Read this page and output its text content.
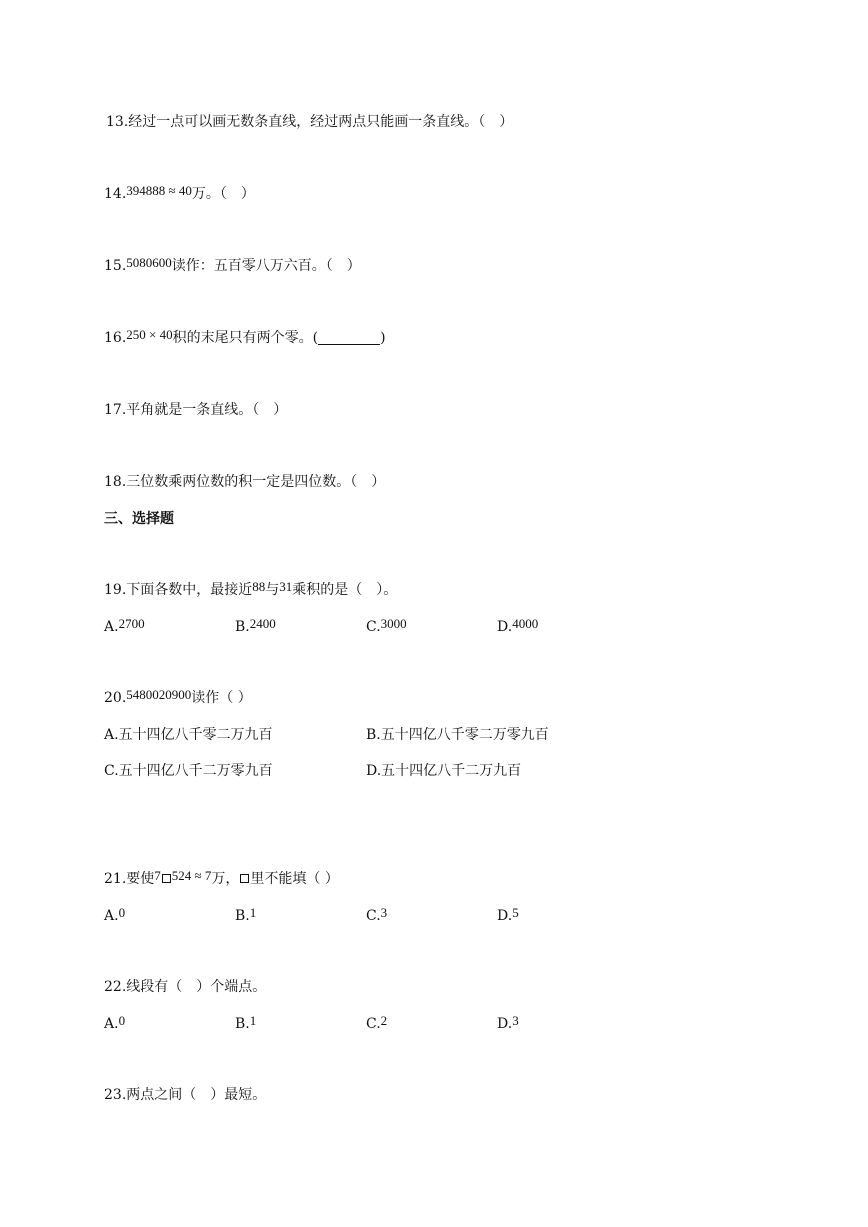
13.经过一点可以画无数条直线，经过两点只能画一条直线。（　）
14.394888 ≈ 40万。（　）
15.5080600读作：五百零八万六百。（　）
16.250 × 40积的末尾只有两个零。(	)
17.平角就是一条直线。（　）
18.三位数乘两位数的积一定是四位数。（　）
三、选择题
19.下面各数中，最接近88与31乘积的是（　）。
A.2700	B.2400	C.3000	D.4000
20.5480020900读作（ ）
A.五十四亿八千零二万九百	B.五十四亿八千零二万零九百
C.五十四亿八千二万零九百	D.五十四亿八千二万九百
21.要使7 524 ≈ 7万， 里不能填（ ）
A.0	B.1	C.3	D.5
22.线段有（　）个端点。
A.0	B.1	C.2	D.3
23.两点之间（　）最短。
